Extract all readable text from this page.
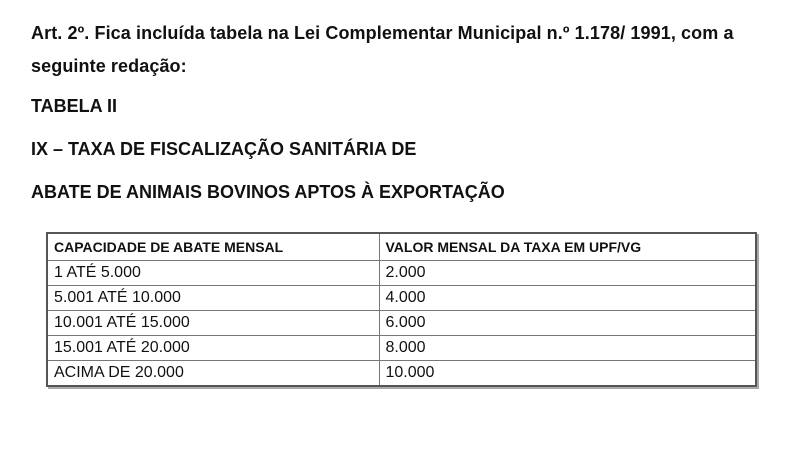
Art. 2º. Fica incluída tabela na Lei Complementar Municipal n.º 1.178/ 1991, com a seguinte redação:

TABELA II
IX – TAXA DE FISCALIZAÇÃO SANITÁRIA DE
ABATE DE ANIMAIS BOVINOS APTOS À EXPORTAÇÃO
CAPACIDADE DE ABATE MENSAL	VALOR MENSAL DA TAXA EM UPF/VG
1 ATÉ 5.000	2.000
5.001 ATÉ 10.000	4.000
10.001 ATÉ 15.000	6.000
15.001 ATÉ 20.000	8.000
ACIMA DE 20.000	10.000
